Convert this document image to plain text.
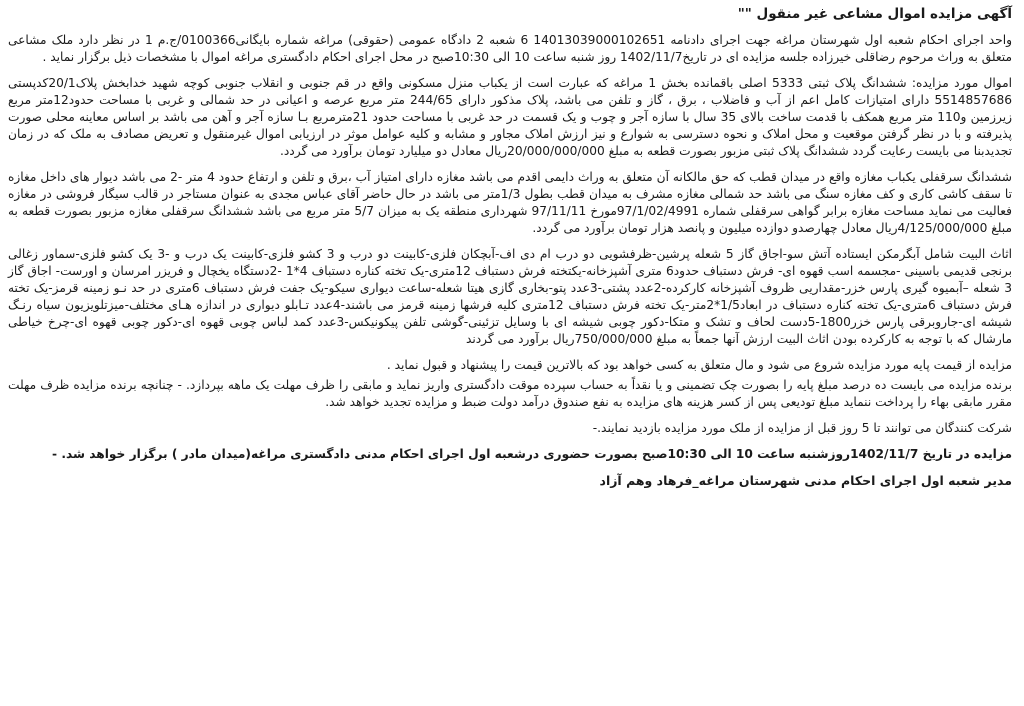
آگهی مزایده اموال مشاعی غیر منقول ""

واحد اجرای احکام شعبه اول شهرستان مراغه جهت اجرای دادنامه 14013039000102651 6 شعبه 2 دادگاه عمومی (حقوقی) مراغه شماره بایگانی0100366/ج.م 1 در نظر دارد ملک مشاعی متعلق به وراث مرحوم رضاقلی خیرزاده جلسه مزایده ای در تاریخ1402/11/7 روز شنبه ساعت 10 الی 10:30صبح در محل اجرای احکام دادگستری مراغه اموال با مشخصات ذیل برگزار نماید .

اموال مورد مزایده: ششدانگ پلاک ثبتی 5333 اصلی باقمانده بخش 1 مراغه که عبارت است از یکباب منزل مسکونی واقع در قم جنوبی و انقلاب جنوبی کوچه شهید خدابخش پلاک20/1کدپستی 5514857686 دارای امتیازات کامل اعم از آب و فاضلاب ، برق ، گاز و تلفن می باشد، پلاک مذکور دارای 244/65 متر مربع عرصه و اعیانی در حد شمالی و غربی با مساحت حدود12متر مربع زیرزمین و110 متر مربع همکف با قدمت ساخت بالای 35 سال با سازه آجر و چوب و یک قسمت در حد غربی با مساحت حدود 21مترمربع بـا سازه آجر و آهن می باشد بر اساس معاینه محلی صورت پذیرفته و با در نظر گرفتن موقعیت و محل املاک و نحوه دسترسی به شوارع و نیز ارزش املاک مجاور و مشابه و کلیه عوامل موثر در ارزیابی اموال غیرمنقول و تعریض مصادف به ملک که در زمان تجدیدبنا می بایست رعایت گردد ششدانگ پلاک ثبتی مزبور بصورت قطعه به مبلغ 20/000/000/000ریال معادل دو میلیارد تومان برآورد می گردد.

ششدانگ سرقفلی یکباب مغازه واقع در میدان قطب که حق مالکانه آن متعلق به وراث دایمی اقدم می باشد مغازه دارای امتیاز آب ،برق و تلفن و ارتفاع حدود 4 متر -2 می باشد دیوار های داخل مغازه تا سقف کاشی کاری و کف مغازه سنگ می باشد حد شمالی مغازه مشرف به میدان قطب بطول 1/3متر می باشد در حال حاضر آقای عباس مجدی به عنوان مستاجر در قالب سیگار فروشی در مغازه فعالیت می نماید مساحت مغازه برابر گواهی سرقفلی شماره 97/1/02/4991مورخ 97/11/11 شهرداری منطقه یک به میزان 5/7 متر مربع می باشد ششدانگ سرقفلی مغازه مزبور بصورت قطعه به مبلغ 4/125/000/000ریال معادل چهارصدو دوازده میلیون و پانصد هزار تومان برآورد می گردد.

اثاث البیت شامل آبگرمکن ایستاده آتش سو-اجاق گاز 5 شعله پرشین-ظرفشویی دو درب ام دی اف-آبچکان فلزی-کابینت دو درب و 3 کشو فلزی-کابینت یک درب و -3 یک کشو فلزی-سماور زغالی برنجی قدیمی باسینی -مجسمه اسب قهوه ای- فرش دستباف حدود6 متری آشپزخانه-یکتخته فرش دستباف 12متری-یک تخته کناره دستباف 4*1 -2دستگاه یخچال و فریزر امرسان و اورست- اجاق گاز 3 شعله –آبمیوه گیری پارس خزر-مقداریی ظروف آشپزخانه کارکرده-2عدد پشتی-3عدد پتو-بخاری گازی هیتا شعله-ساعت دیواری سیکو-یک جفت فرش دستباف 6متری در حد نـو زمینه قرمز-یک تخته فرش دستباف 6متری-یک تخته کناره دستباف در ابعاد1/5*2متر-یک تخته فرش دستباف 12متری کلیه فرشها زمینه قرمز می باشند-4عدد تـابلو دیواری در اندازه هـای مختلف-میزتلویزیون سیاه رنـگ شیشه ای-جاروبرقی پارس خزر1800-5دست لحاف و تشک و متکا-دکور چوبی شیشه ای با وسایل تزئینی-گوشی تلفن پیکونیکس-3عدد کمد لباس چوبی قهوه ای-دکور چوبی قهوه ای-چرخ خیاطی مارشال که با توجه به کارکرده بودن اثاث البیت ارزش آنها جمعاً به مبلغ 750/000/000ریال برآورد می گردند

مزایده از قیمت پایه مورد مزایده شروع می شود و مال متعلق به کسی خواهد بود که بالاترین قیمت را پیشنهاد و قبول نماید .

برنده مزایده می بایست ده درصد مبلغ پایه را بصورت چک تضمینی و یا نقداً به حساب سپرده موقت دادگستری واریز نماید و مابقی را ظرف مهلت یک ماهه بپردازد. - چنانچه برنده مزایده ظرف مهلت مقرر مابقی بهاء را پرداخت ننماید مبلغ تودیعی پس از کسر هزینه های مزایده به نفع صندوق درآمد دولت ضبط و مزایده تجدید خواهد شد.

شرکت کنندگان می توانند تا 5 روز قبل از مزایده از ملک مورد مزایده بازدید نمایند.-

مزایده در تاریخ 1402/11/7روزشنبه ساعت 10 الی 10:30صبح بصورت حضوری درشعبه اول اجرای احکام مدنی دادگستری مراغه(میدان مادر ) برگزار خواهد شد. -

مدیر شعبه اول اجرای احکام مدنی شهرستان مراغه_فرهاد وهم آزاد
